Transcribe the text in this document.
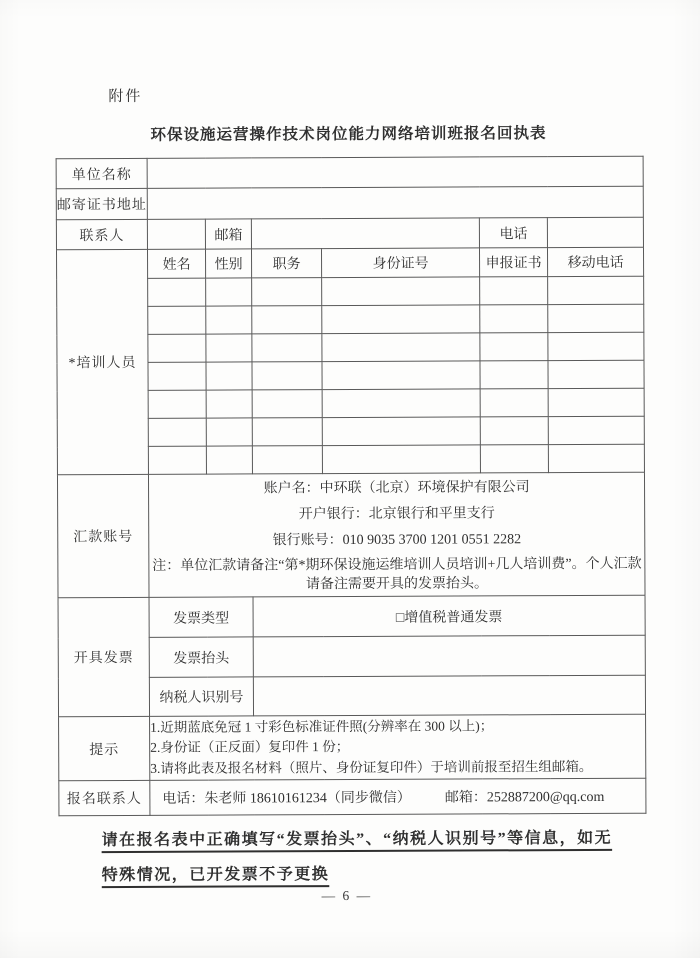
附件
环保设施运营操作技术岗位能力网络培训班报名回执表
单位名称						
邮寄证书地址						
联系人		邮箱			电话	
*培训人员	姓名	性别	职务	身份证号	申报证书	移动电话

汇款账号	账户名：中环联（北京）环境保护有限公司
开户银行：北京银行和平里支行
银行账号：010 9035 3700 1201 0551 2282
注：单位汇款请备注“第*期环保设施运维培训人员培训+几人培训费”。个人汇款请备注需要开具的发票抬头。					

开具发票	发票类型		□增值税普通发票			
	发票抬头					
	纳税人识别号					
提示	1.近期蓝底免冠 1 寸彩色标准证件照(分辨率在 300 以上)；
2.身份证（正反面）复印件 1 份；
3.请将此表及报名材料（照片、身份证复印件）于培训前报至招生组邮箱。					

报名联系人	电话：朱老师 18610161234（同步微信） 邮箱：252887200@qq.com					
请在报名表中正确填写“发票抬头”、“纳税人识别号”等信息，如无
特殊情况，已开发票不予更换
— 6 —
